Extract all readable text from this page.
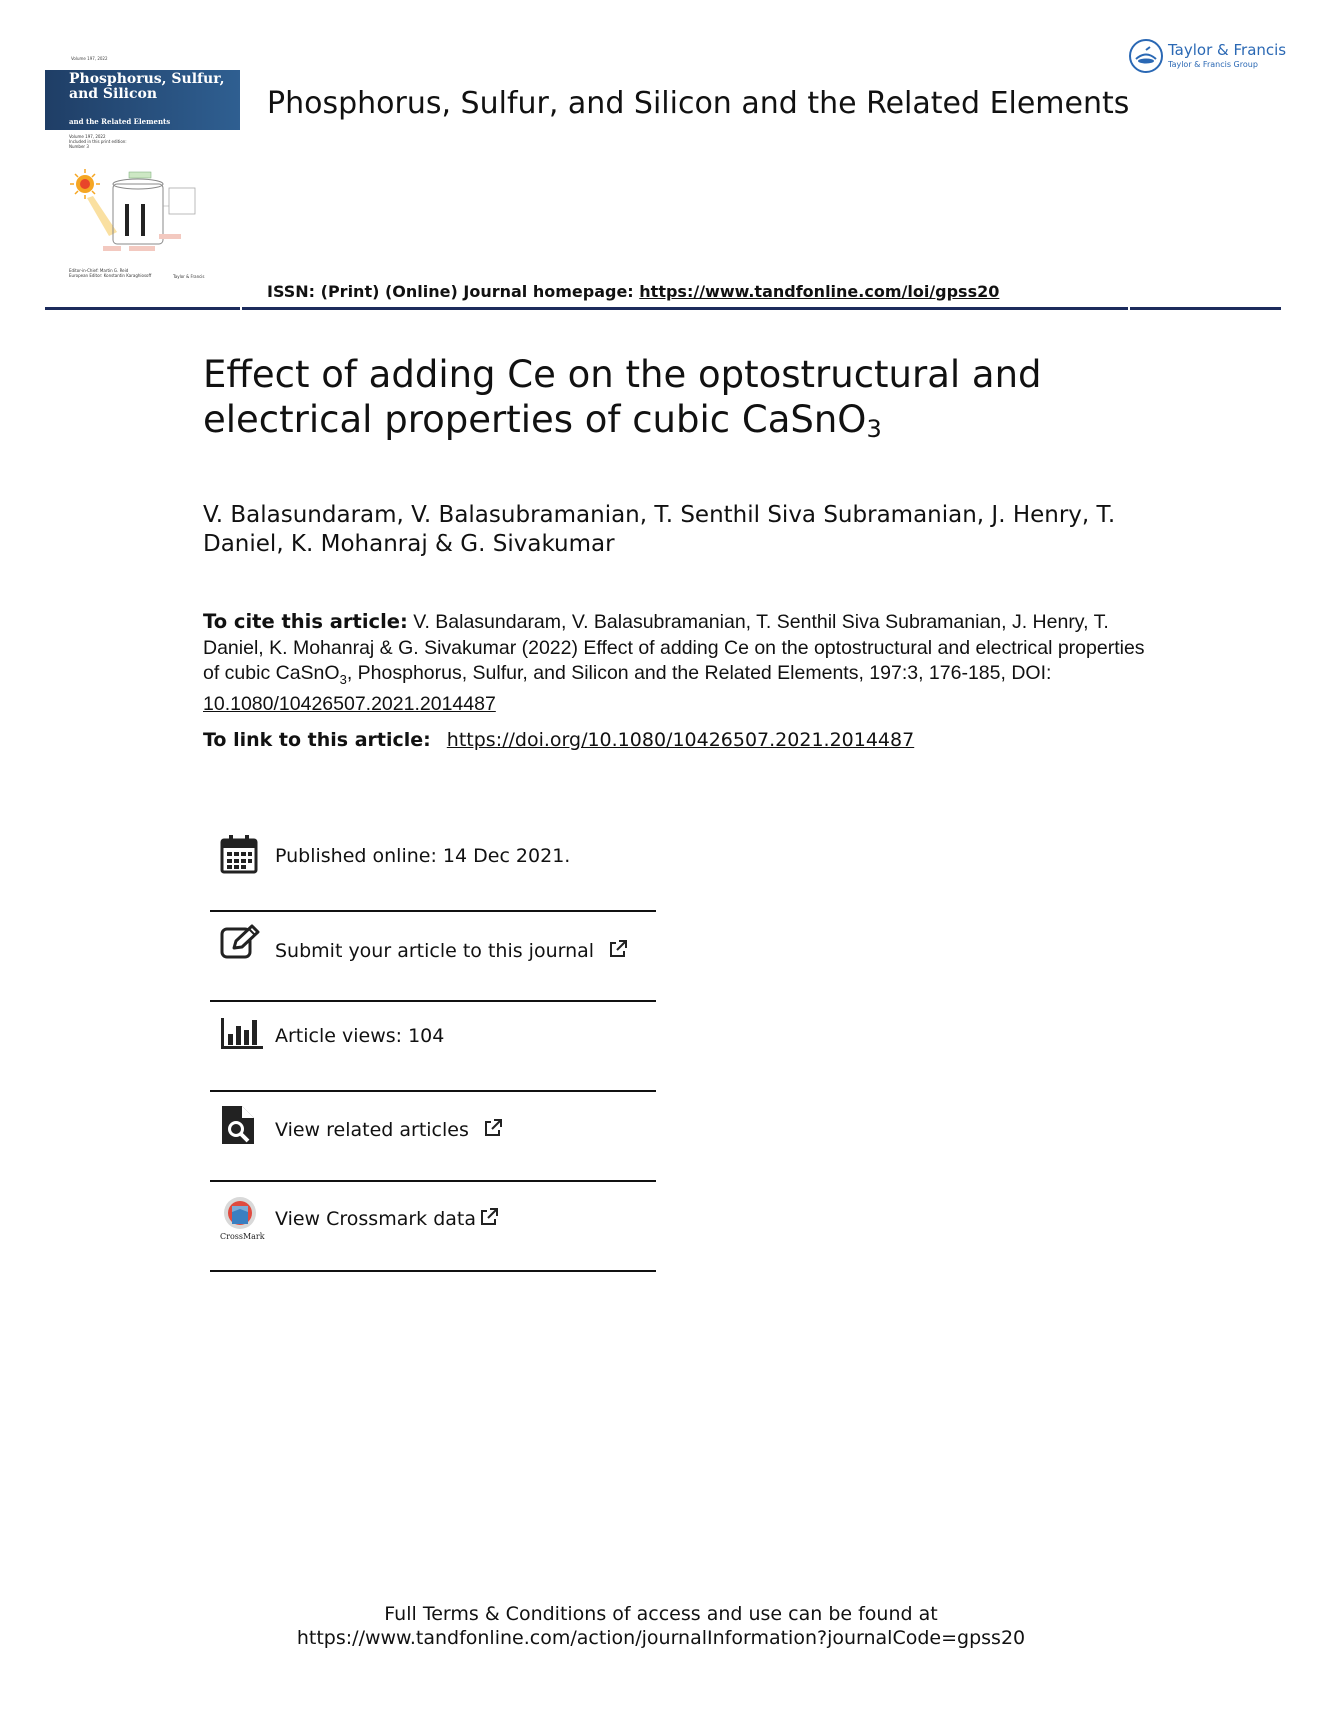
Volume 197, 2022
Phosphorus, Sulfur, and Silicon
and the Related Elements
Volume 197, 2022
Included in this print edition:
Number 3
Editor-in-Chief: Martin G. Reid
European Editor: Konstantin Karaghiosoff	Taylor & Francis
Phosphorus, Sulfur, and Silicon and the Related Elements
Taylor & Francis
Taylor & Francis Group
ISSN: (Print) (Online) Journal homepage: https://www.tandfonline.com/loi/gpss20
Effect of adding Ce on the optostructural and
electrical properties of cubic CaSnO$_3$
V. Balasundaram, V. Balasubramanian, T. Senthil Siva Subramanian, J. Henry, T. Daniel, K. Mohanraj & G. Sivakumar
To cite this article: V. Balasundaram, V. Balasubramanian, T. Senthil Siva Subramanian, J. Henry, T. Daniel, K. Mohanraj & G. Sivakumar (2022) Effect of adding Ce on the optostructural and electrical properties of cubic CaSnO$_3$, Phosphorus, Sulfur, and Silicon and the Related Elements, 197:3, 176-185, DOI: 10.1080/10426507.2021.2014487
To link to this article: https://doi.org/10.1080/10426507.2021.2014487
Published online: 14 Dec 2021.
Submit your article to this journal
Article views: 104
View related articles
CrossMark
View Crossmark data
Full Terms & Conditions of access and use can be found at
https://www.tandfonline.com/action/journalInformation?journalCode=gpss20
